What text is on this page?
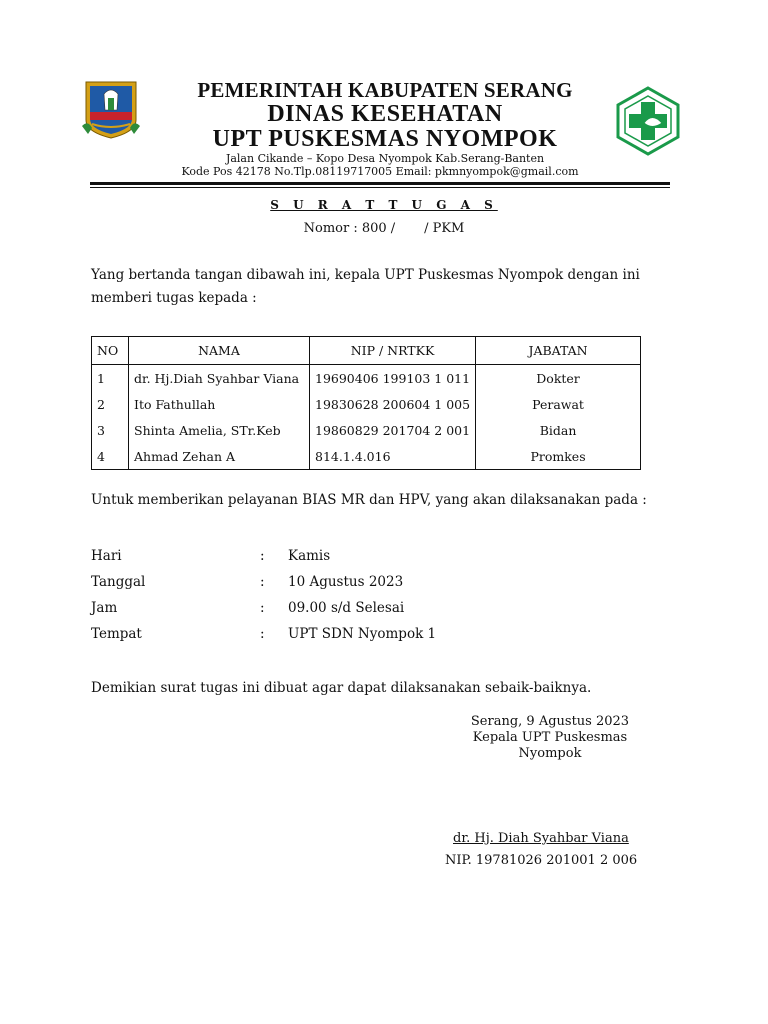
PEMERINTAH KABUPATEN SERANG
DINAS KESEHATAN
UPT PUSKESMAS NYOMPOK
Jalan Cikande – Kopo Desa Nyompok Kab.Serang-Banten
Kode Pos 42178 No.Tlp.08119717005 Email: pkmnyompok@gmail.com
S U R A T T U G A S
Nomor : 800 /       / PKM
Yang bertanda tangan dibawah ini, kepala UPT Puskesmas Nyompok dengan ini memberi tugas kepada :
NO	NAMA	NIP / NRTKK	JABATAN
1	dr. Hj.Diah Syahbar Viana	19690406 199103 1 011	Dokter
2	Ito Fathullah	19830628 200604 1 005	Perawat
3	Shinta Amelia, STr.Keb	19860829 201704 2 001	Bidan
4	Ahmad Zehan A	814.1.4.016	Promkes
Untuk memberikan pelayanan BIAS MR dan HPV, yang akan dilaksanakan pada :
Hari	: Kamis
Tanggal	: 10 Agustus 2023
Jam	: 09.00 s/d Selesai
Tempat	: UPT SDN Nyompok 1
Demikian surat tugas ini dibuat agar dapat dilaksanakan sebaik-baiknya.
Serang, 9 Agustus 2023
Kepala UPT Puskesmas
Nyompok
dr. Hj. Diah Syahbar Viana
NIP. 19781026 201001 2 006
